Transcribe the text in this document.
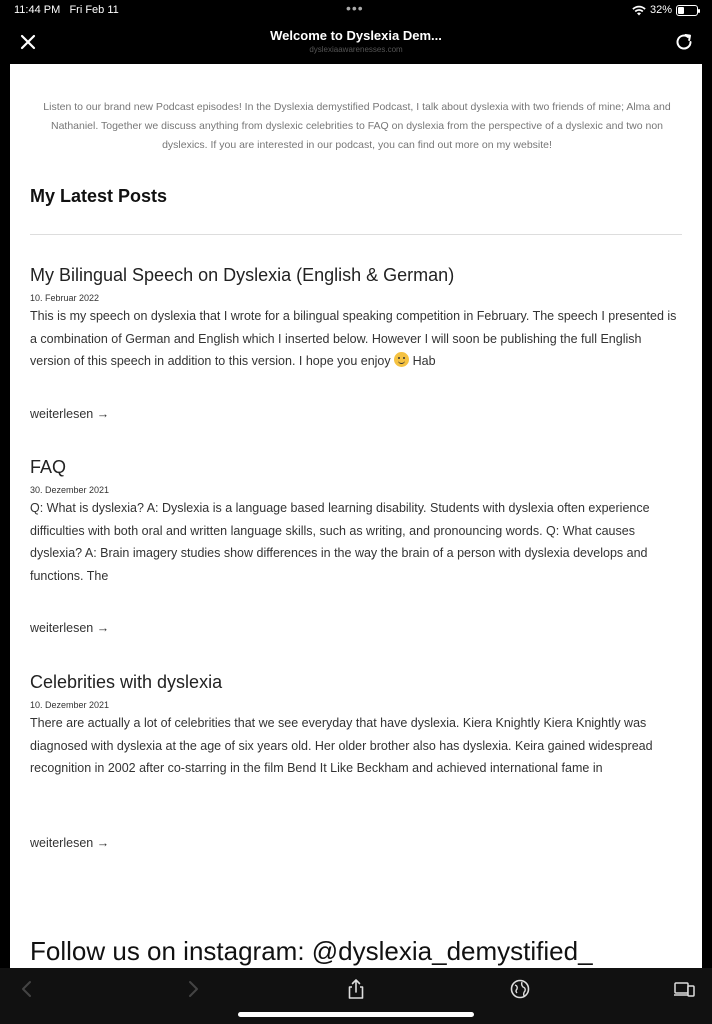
11:44 PM Fri Feb 11	•••	32%
Welcome to Dyslexia Dem...
dyslexiaawarenesses.com

Listen to our brand new Podcast episodes! In the Dyslexia demystified Podcast, I talk about dyslexia with two friends of mine; Alma and Nathaniel. Together we discuss anything from dyslexic celebrities to FAQ on dyslexia from the perspective of a dyslexic and two non dyslexics. If you are interested in our podcast, you can find out more on my website!

My Latest Posts
My Bilingual Speech on Dyslexia (English & German)
10. Februar 2022
This is my speech on dyslexia that I wrote for a bilingual speaking competition in February. The speech I presented is a combination of German and English which I inserted below. However I will soon be publishing the full English version of this speech in addition to this version. I hope you enjoy Hab
weiterlesen →
FAQ
30. Dezember 2021
Q: What is dyslexia? A: Dyslexia is a language based learning disability. Students with dyslexia often experience difficulties with both oral and written language skills, such as writing, and pronouncing words. Q: What causes dyslexia? A: Brain imagery studies show differences in the way the brain of a person with dyslexia develops and functions. The
weiterlesen →
Celebrities with dyslexia
10. Dezember 2021
There are actually a lot of celebrities that we see everyday that have dyslexia. Kiera Knightly Kiera Knightly was diagnosed with dyslexia at the age of six years old. Her older brother also has dyslexia. Keira gained widespread recognition in 2002 after co-starring in the film Bend It Like Beckham and achieved international fame in
weiterlesen →
Follow us on instagram: @dyslexia_demystified_
